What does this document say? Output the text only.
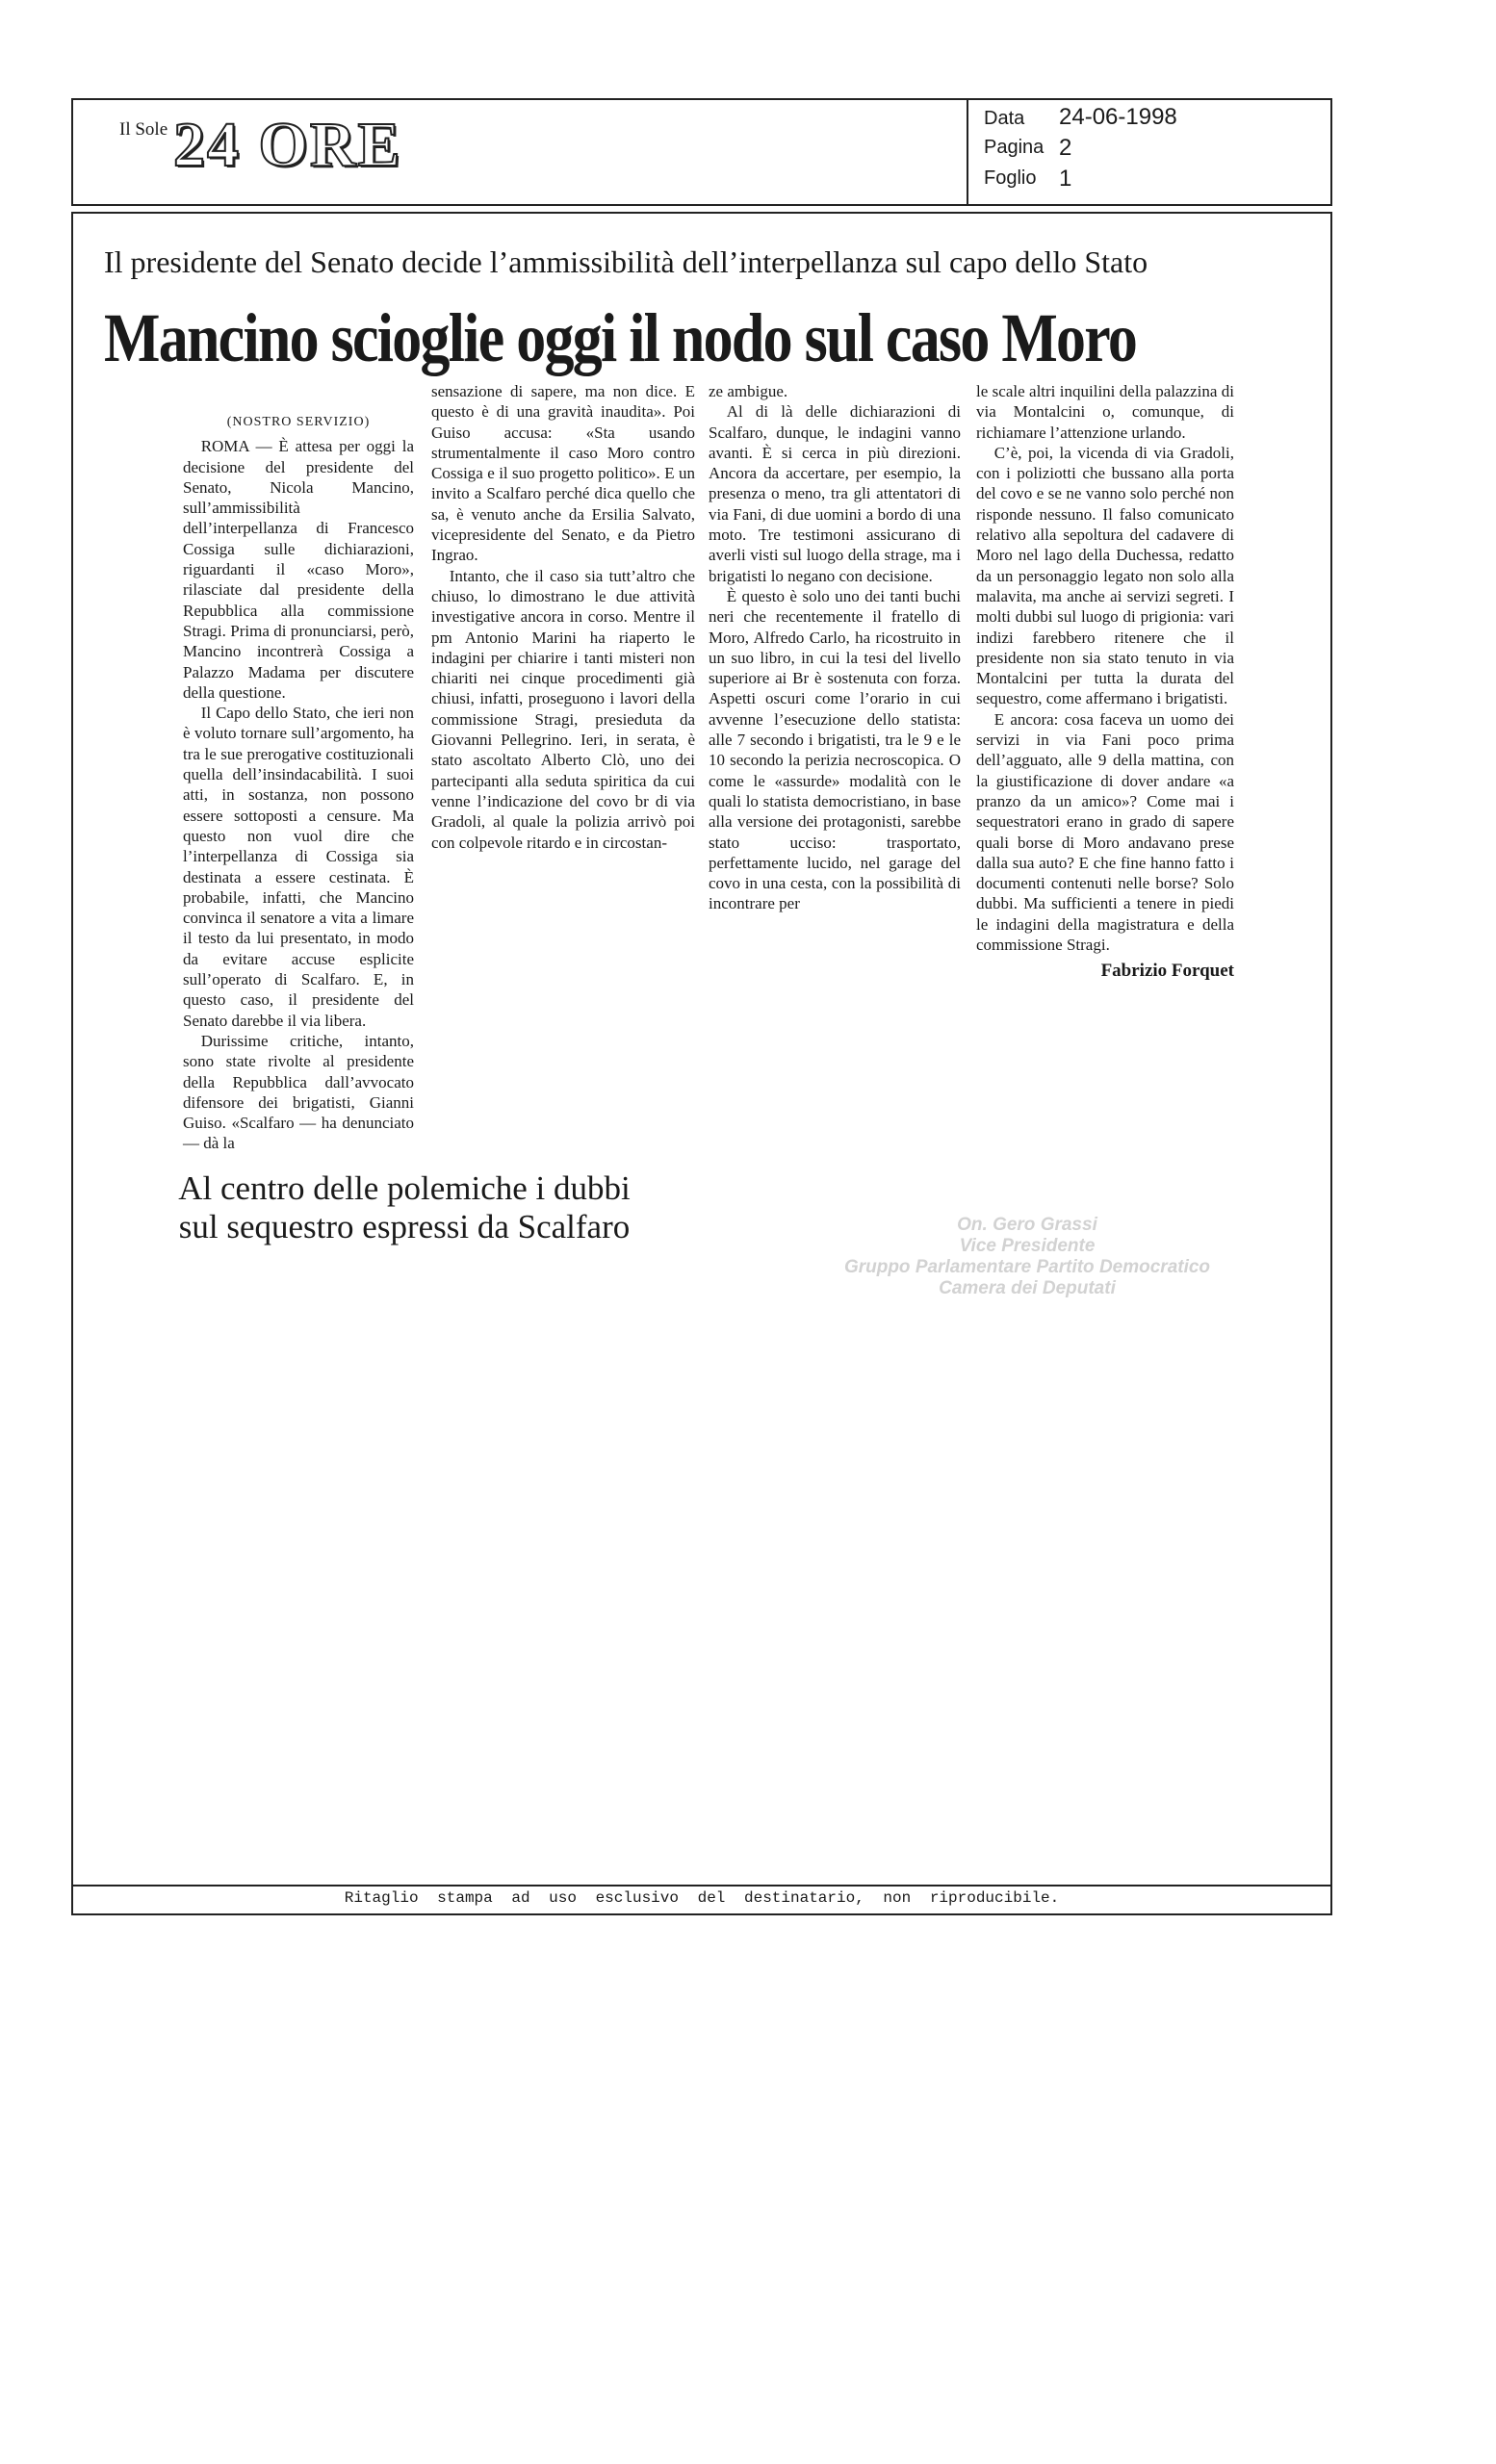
Il Sole 24 ORE	Data 24-06-1998
Pagina 2
Foglio 1
Il presidente del Senato decide l’ammissibilità dell’interpellanza sul capo dello Stato
Mancino scioglie oggi il nodo sul caso Moro
(NOSTRO SERVIZIO)

ROMA — È attesa per oggi la decisione del presidente del Senato, Nicola Mancino, sull’ammissibilità dell’interpellanza di Francesco Cossiga sulle dichiarazioni, riguardanti il «caso Moro», rilasciate dal presidente della Repubblica alla commissione Stragi. Prima di pronunciarsi, però, Mancino incontrerà Cossiga a Palazzo Madama per discutere della questione.

Il Capo dello Stato, che ieri non è voluto tornare sull’argomento, ha tra le sue prerogative costituzionali quella dell’insindacabilità. I suoi atti, in sostanza, non possono essere sottoposti a censure. Ma questo non vuol dire che l’interpellanza di Cossiga sia destinata a essere cestinata. È probabile, infatti, che Mancino convinca il senatore a vita a limare il testo da lui presentato, in modo da evitare accuse esplicite sull’operato di Scalfaro. E, in questo caso, il presidente del Senato darebbe il via libera.

Durissime critiche, intanto, sono state rivolte al presidente della Repubblica dall’avvocato difensore dei brigatisti, Gianni Guiso. «Scalfaro — ha denunciato — dà la

sensazione di sapere, ma non dice. E questo è di una gravità inaudita». Poi Guiso accusa: «Sta usando strumentalmente il caso Moro contro Cossiga e il suo progetto politico». E un invito a Scalfaro perché dica quello che sa, è venuto anche da Ersilia Salvato, vicepresidente del Senato, e da Pietro Ingrao.

Intanto, che il caso sia tutt’altro che chiuso, lo dimostrano le due attività investigative ancora in corso. Mentre il pm Antonio Marini ha riaperto le indagini per chiarire i tanti misteri non chiariti nei cinque procedimenti già chiusi, infatti, proseguono i lavori della commissione Stragi, presieduta da Giovanni Pellegrino. Ieri, in serata, è stato ascoltato Alberto Clò, uno dei partecipanti alla seduta spiritica da cui venne l’indicazione del covo br di via Gradoli, al quale la polizia arrivò poi con colpevole ritardo e in circostan-

ze ambigue.

Al di là delle dichiarazioni di Scalfaro, dunque, le indagini vanno avanti. È si cerca in più direzioni. Ancora da accertare, per esempio, la presenza o meno, tra gli attentatori di via Fani, di due uomini a bordo di una moto. Tre testimoni assicurano di averli visti sul luogo della strage, ma i brigatisti lo negano con decisione.

È questo è solo uno dei tanti buchi neri che recentemente il fratello di Moro, Alfredo Carlo, ha ricostruito in un suo libro, in cui la tesi del livello superiore ai Br è sostenuta con forza. Aspetti oscuri come l’orario in cui avvenne l’esecuzione dello statista: alle 7 secondo i brigatisti, tra le 9 e le 10 secondo la perizia necroscopica. O come le «assurde» modalità con le quali lo statista democristiano, in base alla versione dei protagonisti, sarebbe stato ucciso: trasportato, perfettamente lucido, nel garage del covo in una cesta, con la possibilità di incontrare per

le scale altri inquilini della palazzina di via Montalcini o, comunque, di richiamare l’attenzione urlando.

C’è, poi, la vicenda di via Gradoli, con i poliziotti che bussano alla porta del covo e se ne vanno solo perché non risponde nessuno. Il falso comunicato relativo alla sepoltura del cadavere di Moro nel lago della Duchessa, redatto da un personaggio legato non solo alla malavita, ma anche ai servizi segreti. I molti dubbi sul luogo di prigionia: vari indizi farebbero ritenere che il presidente non sia stato tenuto in via Montalcini per tutta la durata del sequestro, come affermano i brigatisti.

E ancora: cosa faceva un uomo dei servizi in via Fani poco prima dell’agguato, alle 9 della mattina, con la giustificazione di dover andare «a pranzo da un amico»? Come mai i sequestratori erano in grado di sapere quali borse di Moro andavano prese dalla sua auto? E che fine hanno fatto i documenti contenuti nelle borse? Solo dubbi. Ma sufficienti a tenere in piedi le indagini della magistratura e della commissione Stragi.

Fabrizio Forquet
Al centro delle polemiche i dubbi sul sequestro espressi da Scalfaro	On. Gero Grassi
Vice Presidente
Gruppo Parlamentare Partito Democratico
Camera dei Deputati
Ritaglio stampa ad uso esclusivo del destinatario, non riproducibile.
